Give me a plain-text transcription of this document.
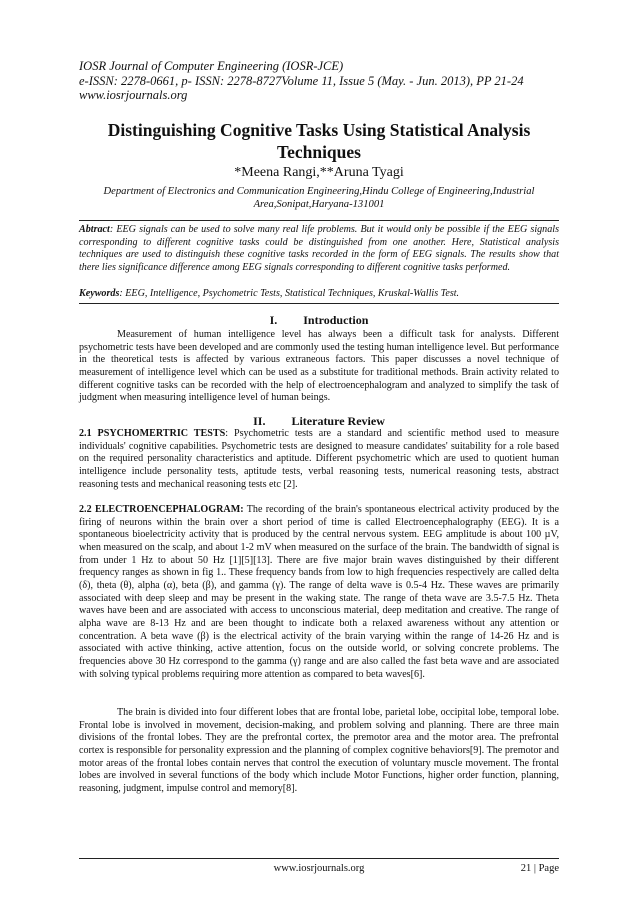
IOSR Journal of Computer Engineering (IOSR-JCE)
e-ISSN: 2278-0661, p- ISSN: 2278-8727Volume 11, Issue 5 (May. - Jun. 2013), PP 21-24
www.iosrjournals.org
Distinguishing Cognitive Tasks Using Statistical Analysis Techniques
*Meena Rangi,**Aruna Tyagi
Department of Electronics and Communication Engineering,Hindu College of Engineering,Industrial Area,Sonipat,Haryana-131001
Abtract: EEG signals can be used to solve many real life problems. But it would only be possible if the EEG signals corresponding to different cognitive tasks could be distinguished from one another. Here, Statistical analysis techniques are used to distinguish these cognitive tasks recorded in the form of EEG signals. The results show that there lies significance difference among EEG signals corresponding to different cognitive tasks performed.
Keywords: EEG, Intelligence, Psychometric Tests, Statistical Techniques, Kruskal-Wallis Test.
I. Introduction
Measurement of human intelligence level has always been a difficult task for analysts. Different psychometric tests have been developed and are commonly used the testing human intelligence level. But performance in the theoretical tests is affected by various extraneous factors. This paper discusses a novel technique of measurement of intelligence level which can be used as a substitute for traditional methods. Brain activity related to different cognitive tasks can be recorded with the help of electroencephalogram and analyzed to simplify the task of judgment when measuring intelligence level of human beings.
II. Literature Review
2.1 PSYCHOMERTRIC TESTS: Psychometric tests are a standard and scientific method used to measure individuals' cognitive capabilities. Psychometric tests are designed to measure candidates' suitability for a role based on the required personality characteristics and aptitude. Different psychometric which are used to quotient human intelligence include personality tests, aptitude tests, verbal reasoning tests, numerical reasoning tests, abstract reasoning tests and mechanical reasoning tests etc [2].
2.2 ELECTROENCEPHALOGRAM: The recording of the brain's spontaneous electrical activity produced by the firing of neurons within the brain over a short period of time is called Electroencephalography (EEG). It is a spontaneous bioelectricity activity that is produced by the central nervous system. EEG amplitude is about 100 µV, when measured on the scalp, and about 1-2 mV when measured on the surface of the brain. The bandwidth of signal is from under 1 Hz to about 50 Hz [1][5][13]. There are five major brain waves distinguished by their different frequency ranges as shown in fig 1.. These frequency bands from low to high frequencies respectively are called delta (δ), theta (θ), alpha (α), beta (β), and gamma (γ). The range of delta wave is 0.5-4 Hz. These waves are primarily associated with deep sleep and may be present in the waking state. The range of theta wave are 3.5-7.5 Hz. Theta waves have been and are associated with access to unconscious material, deep meditation and creative. The range of alpha wave are 8-13 Hz and are been thought to indicate both a relaxed awareness without any attention or concentration. A beta wave (β) is the electrical activity of the brain varying within the range of 14-26 Hz and is associated with active thinking, active attention, focus on the outside world, or solving concrete problems. The frequencies above 30 Hz correspond to the gamma (γ) range and are also called the fast beta wave and are associated with solving typical problems requiring more attention as compared to beta waves[6].
The brain is divided into four different lobes that are frontal lobe, parietal lobe, occipital lobe, temporal lobe. Frontal lobe is involved in movement, decision-making, and problem solving and planning. There are three main divisions of the frontal lobes. They are the prefrontal cortex, the premotor area and the motor area. The prefrontal cortex is responsible for personality expression and the planning of complex cognitive behaviors[9]. The premotor and motor areas of the frontal lobes contain nerves that control the execution of voluntary muscle movement. The frontal lobes are involved in several functions of the body which include Motor Functions, higher order function, planning, reasoning, judgment, impulse control and memory[8].
www.iosrjournals.org	21 | Page
